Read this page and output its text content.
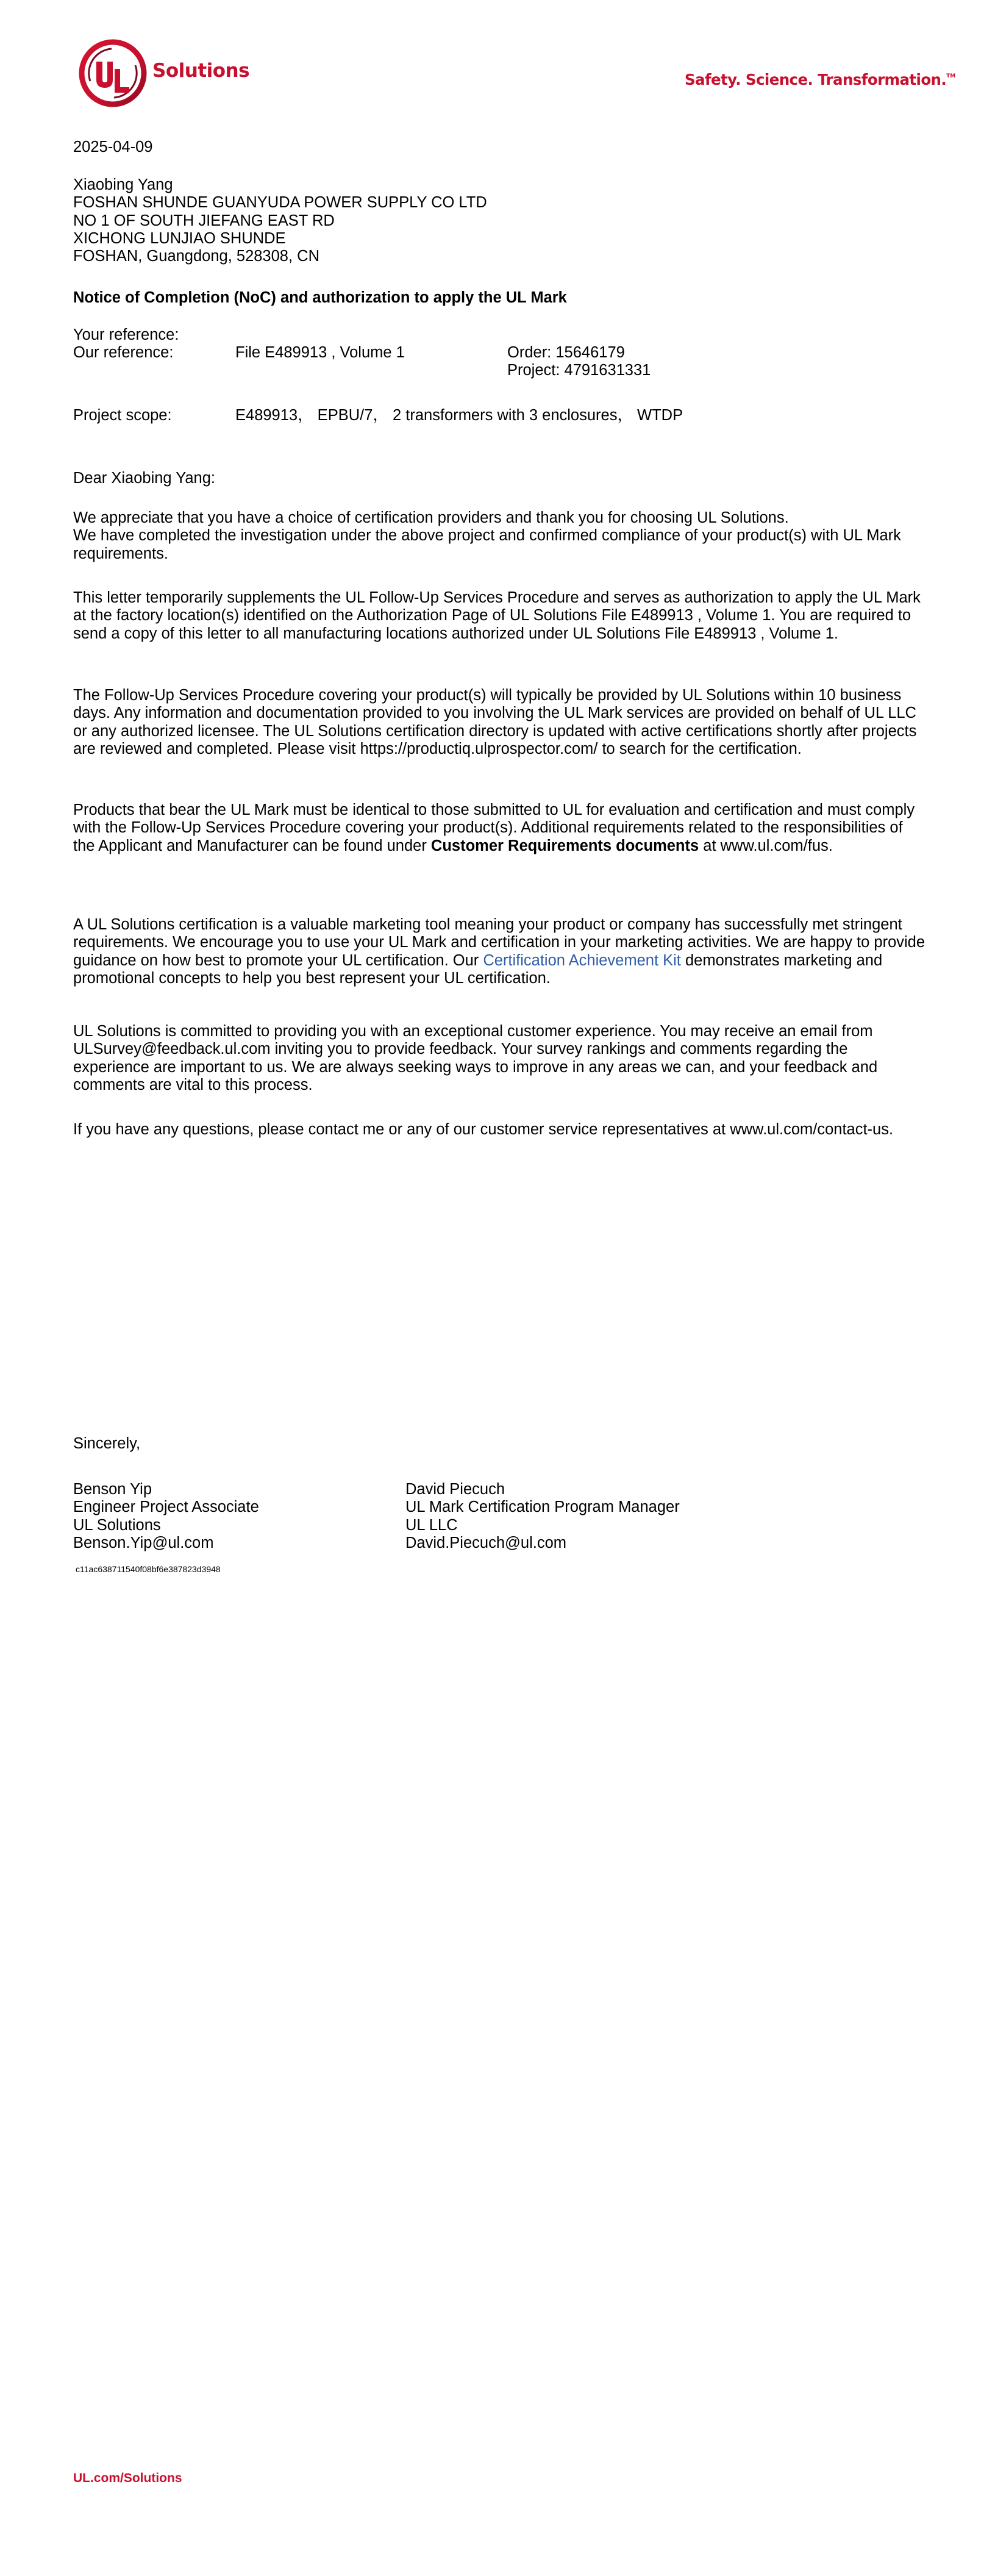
Solutions	Safety. Science. Transformation.™
2025-04-09
Xiaobing Yang
FOSHAN SHUNDE GUANYUDA POWER SUPPLY CO LTD
NO 1 OF SOUTH JIEFANG EAST RD
XICHONG LUNJIAO SHUNDE
FOSHAN, Guangdong, 528308, CN
Notice of Completion (NoC) and authorization to apply the UL Mark
Your reference:
Our reference:	File E489913 , Volume 1	Order: 15646179
Project: 4791631331
Project scope:	E489913， EPBU/7， 2 transformers with 3 enclosures， WTDP
Dear Xiaobing Yang:
We appreciate that you have a choice of certification providers and thank you for choosing UL Solutions.
We have completed the investigation under the above project and confirmed compliance of your product(s) with UL Mark requirements.
This letter temporarily supplements the UL Follow-Up Services Procedure and serves as authorization to apply the UL Mark at the factory location(s) identified on the Authorization Page of UL Solutions File E489913 , Volume 1. You are required to send a copy of this letter to all manufacturing locations authorized under UL Solutions File E489913 , Volume 1.
The Follow-Up Services Procedure covering your product(s) will typically be provided by UL Solutions within 10 business days. Any information and documentation provided to you involving the UL Mark services are provided on behalf of UL LLC or any authorized licensee. The UL Solutions certification directory is updated with active certifications shortly after projects are reviewed and completed. Please visit https://productiq.ulprospector.com/ to search for the certification.
Products that bear the UL Mark must be identical to those submitted to UL for evaluation and certification and must comply with the Follow-Up Services Procedure covering your product(s). Additional requirements related to the responsibilities of the Applicant and Manufacturer can be found under Customer Requirements documents at www.ul.com/fus.
A UL Solutions certification is a valuable marketing tool meaning your product or company has successfully met stringent requirements. We encourage you to use your UL Mark and certification in your marketing activities. We are happy to provide guidance on how best to promote your UL certification. Our Certification Achievement Kit demonstrates marketing and promotional concepts to help you best represent your UL certification.
UL Solutions is committed to providing you with an exceptional customer experience. You may receive an email from ULSurvey@feedback.ul.com inviting you to provide feedback. Your survey rankings and comments regarding the experience are important to us. We are always seeking ways to improve in any areas we can, and your feedback and comments are vital to this process.
If you have any questions, please contact me or any of our customer service representatives at www.ul.com/contact-us.
Sincerely,
Benson Yip
Engineer Project Associate
UL Solutions
Benson.Yip@ul.com
David Piecuch
UL Mark Certification Program Manager
UL LLC
David.Piecuch@ul.com
c11ac638711540f08bf6e387823d3948
UL.com/Solutions
